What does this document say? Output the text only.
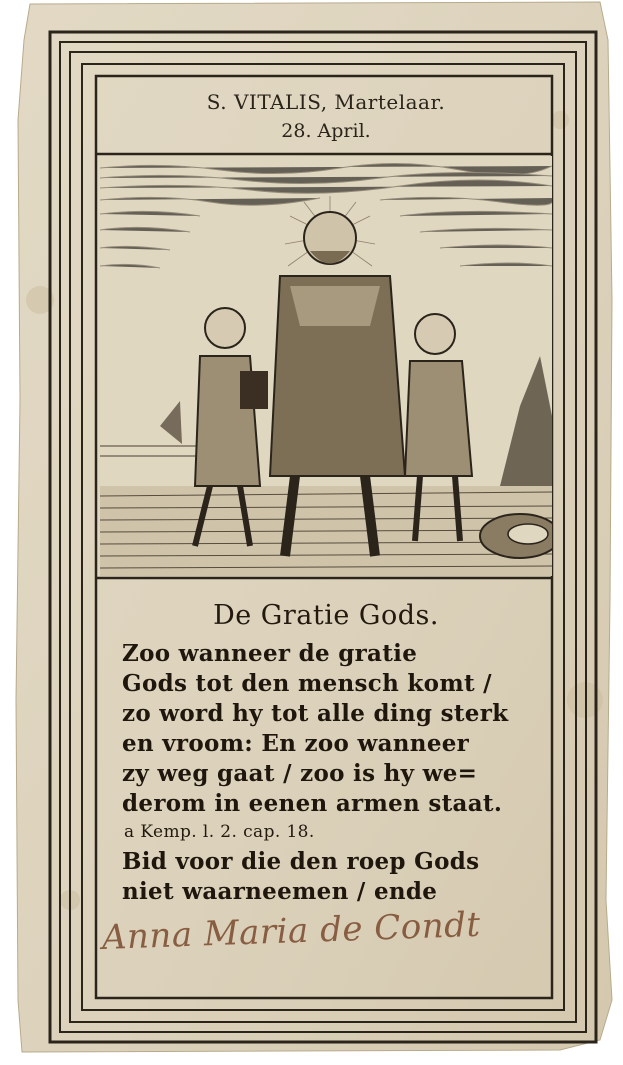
S. VITALIS, Martelaar.
28. April.
De Gratie Gods.
Zoo wanneer de gratie
Gods tot den mensch komt /
zo word hy tot alle ding sterk
en vroom: En zoo wanneer
zy weg gaat / zoo is hy we=
derom in eenen armen staat.
a Kemp. l. 2. cap. 18.
Bid voor die den roep Gods
niet waarneemen / ende
Anna Maria de Condt
